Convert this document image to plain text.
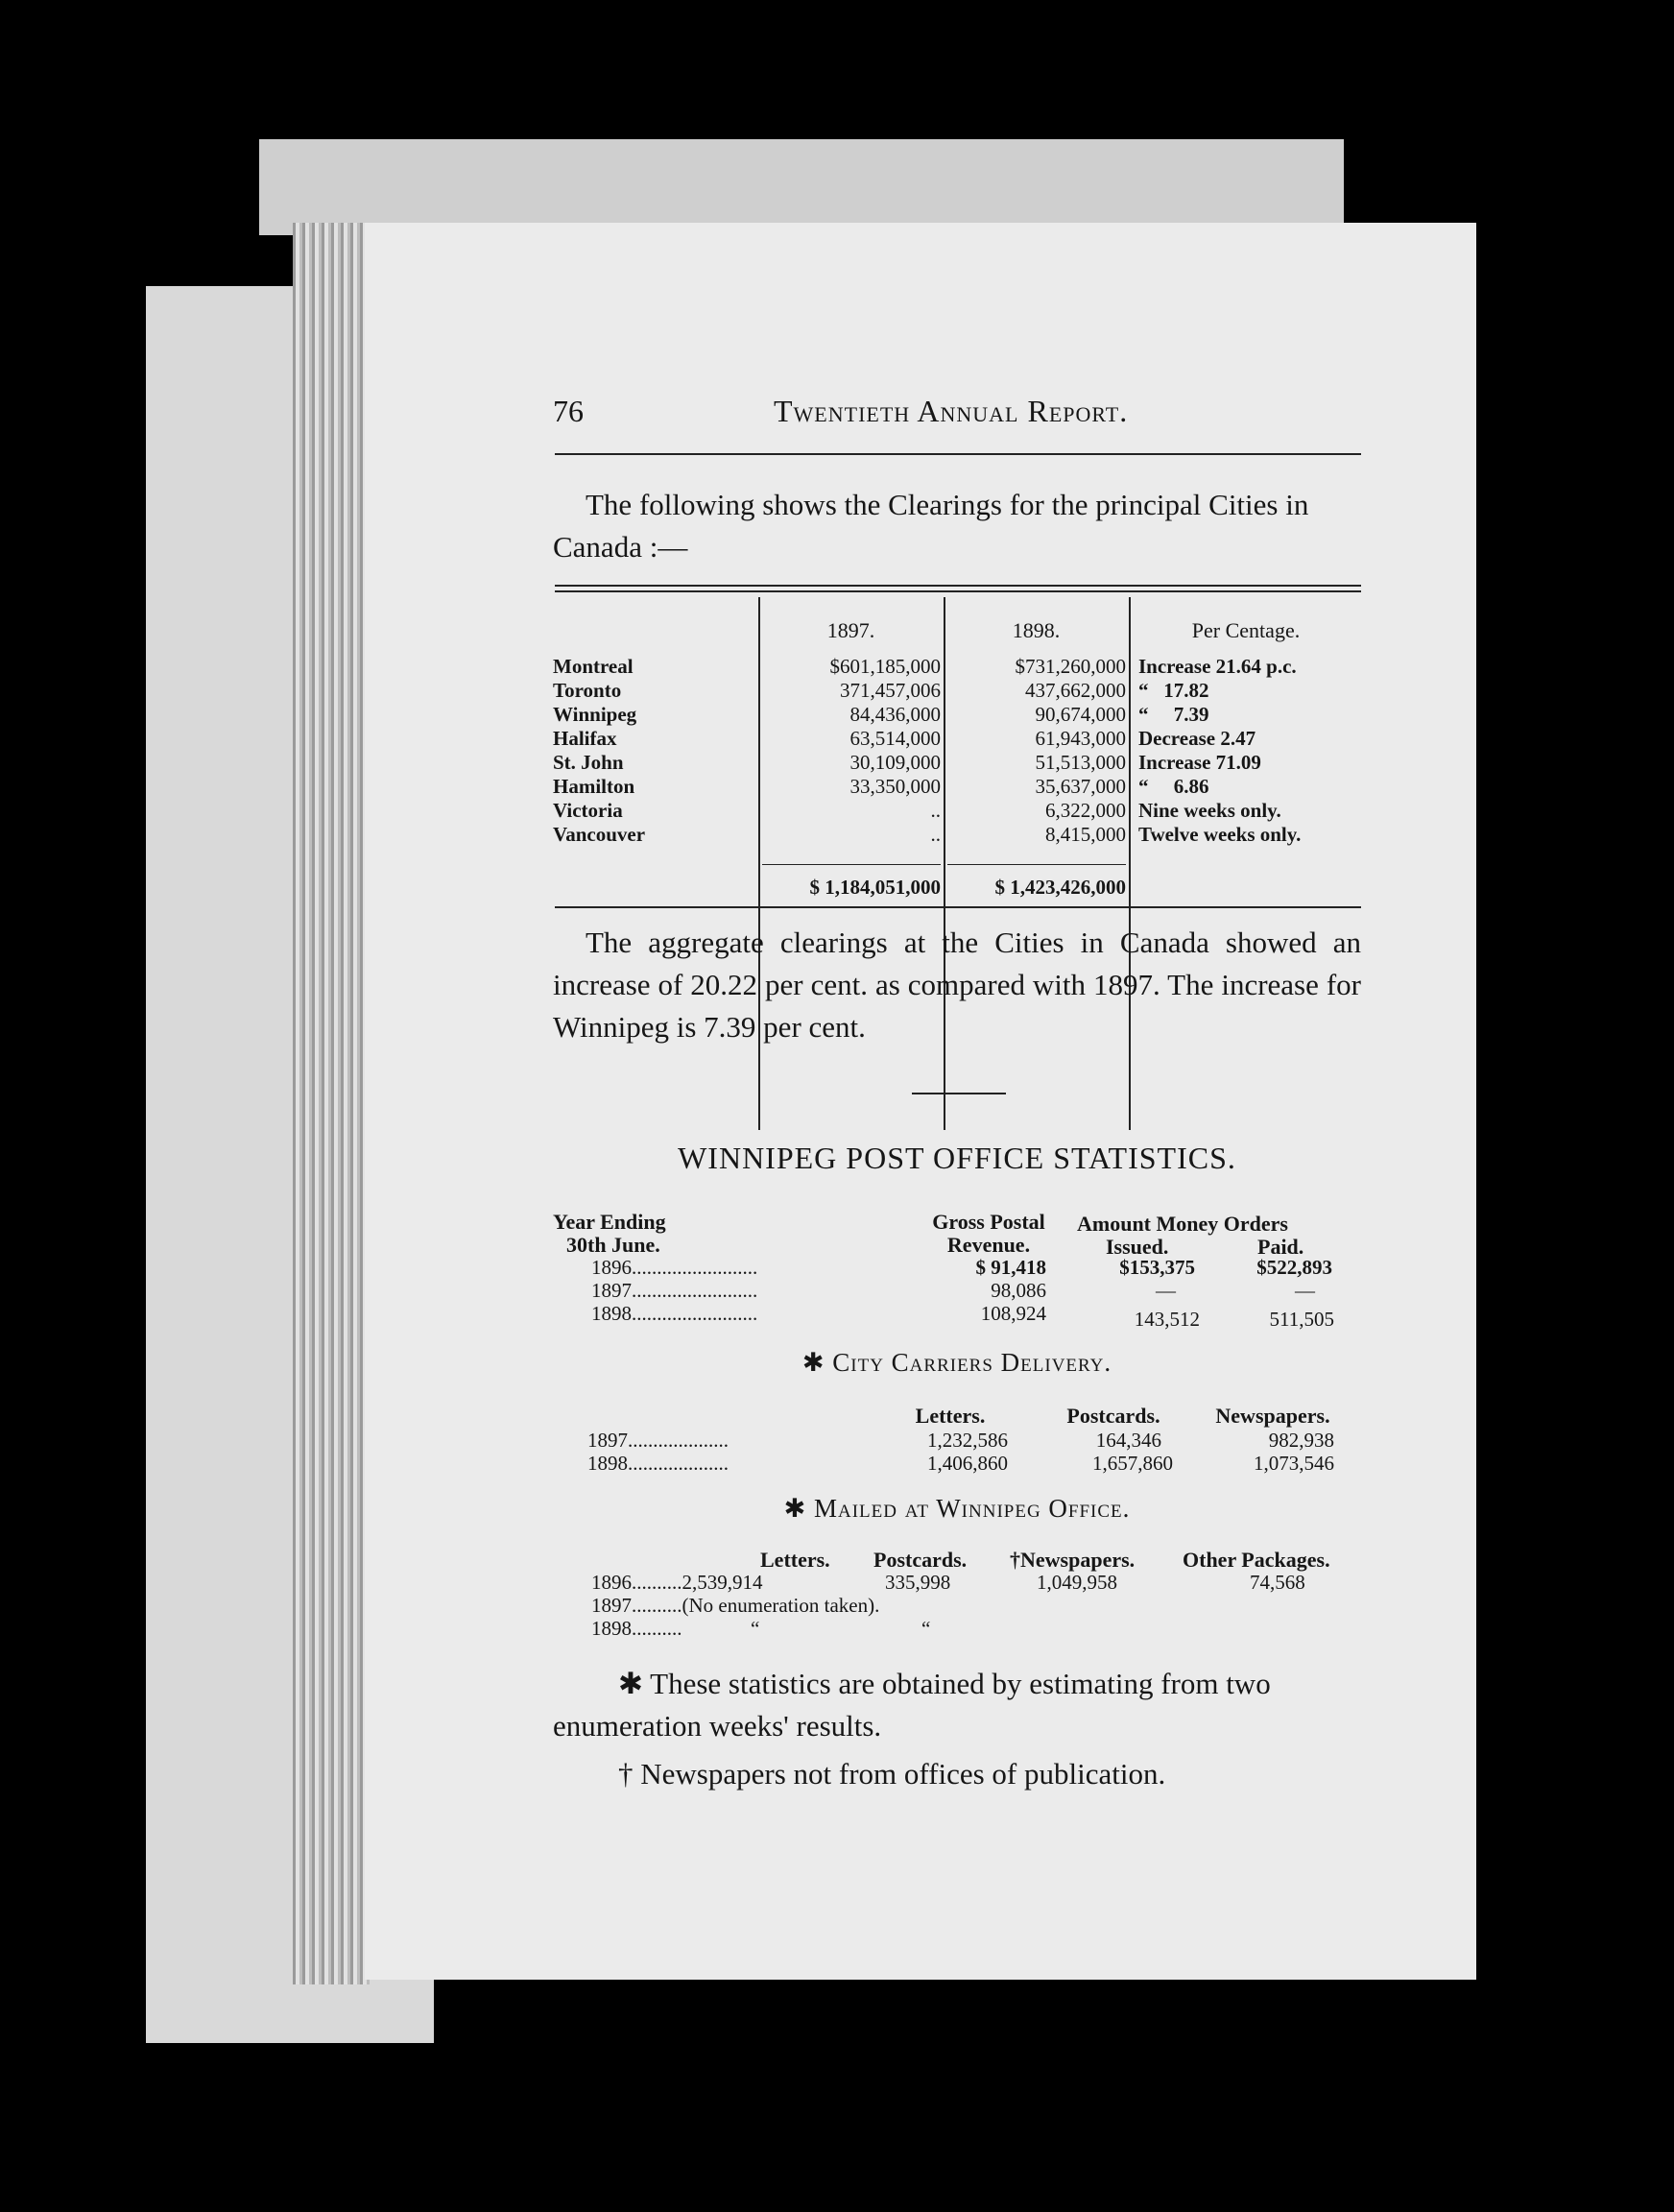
76	Twentieth Annual Report.
The following shows the Clearings for the principal Cities in Canada :—
1897.	1898.	Per Centage.
Montreal	$601,185,000	$731,260,000 Increase 21.64 p.c.
Toronto	371,457,006	437,662,000 “   17.82
Winnipeg	84,436,000	90,674,000 “     7.39
Halifax	63,514,000	61,943,000 Decrease 2.47
St. John	30,109,000	51,513,000 Increase 71.09
Hamilton	33,350,000	35,637,000 “     6.86
Victoria	..	6,322,000 Nine weeks only.
Vancouver	..	8,415,000 Twelve weeks only.
$ 1,184,051,000	$ 1,423,426,000
The aggregate clearings at the Cities in Canada showed an increase of 20.22 per cent. as compared with 1897. The increase for Winnipeg is 7.39 per cent.
WINNIPEG POST OFFICE STATISTICS.
Year Ending
30th June.
Gross Postal
Revenue.
Amount Money Orders
Issued.	Paid.
1896.........................	$ 91,418	$153,375	$522,893
1897.........................	98,086	—	—
1898.........................	108,924	143,512	511,505
✱ City Carriers Delivery.
Letters.	Postcards.	Newspapers.
1897....................	1,232,586	164,346	982,938
1898....................	1,406,860	1,657,860	1,073,546
✱ Mailed at Winnipeg Office.
Letters. Postcards. †Newspapers. Other Packages.
1896..........2,539,914	335,998	1,049,958	74,568
1897..........(No enumeration taken).
1898..........	“	“
✱ These statistics are obtained by estimating from two enumeration weeks' results.
† Newspapers not from offices of publication.
